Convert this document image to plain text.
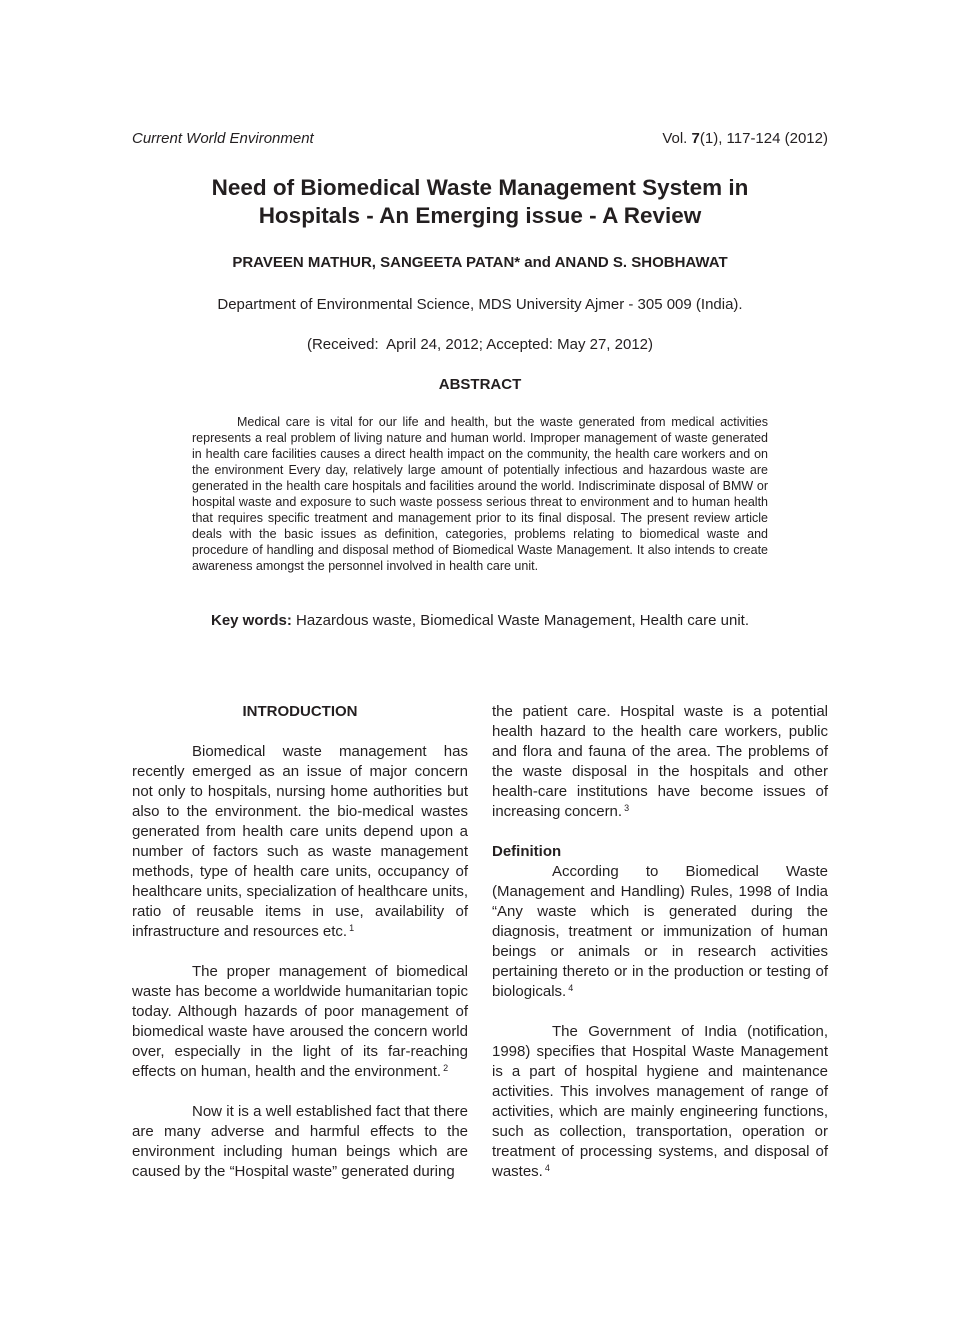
Current World Environment	Vol. 7(1), 117-124 (2012)
Need of Biomedical Waste Management System in
Hospitals - An Emerging issue - A Review
PRAVEEN MATHUR, SANGEETA PATAN* and ANAND S. SHOBHAWAT
Department of Environmental Science, MDS University Ajmer - 305 009 (India).
(Received:  April 24, 2012; Accepted: May 27, 2012)
ABSTRACT
Medical care is vital for our life and health, but the waste generated from medical activities represents a real problem of living nature and human world. Improper management of waste generated in health care facilities causes a direct health impact on the community, the health care workers and on the environment Every day, relatively large amount of potentially infectious and hazardous waste are generated in the health care hospitals and facilities around the world. Indiscriminate disposal of BMW or hospital waste and exposure to such waste possess serious threat to environment and to human health that requires specific treatment and management prior to its final disposal. The present review article deals with the basic issues as definition, categories, problems relating to biomedical waste and procedure of handling and disposal method of Biomedical Waste Management. It also intends to create awareness amongst the personnel involved in health care unit.
Key words: Hazardous waste, Biomedical Waste Management, Health care unit.
INTRODUCTION

Biomedical waste management has recently emerged as an issue of major concern not only to hospitals, nursing home authorities but also to the environment. the bio-medical wastes generated from health care units depend upon a number of factors such as waste management methods, type of health care units, occupancy of healthcare units, specialization of healthcare units, ratio of reusable items in use, availability of infrastructure and resources etc. $^1$

The proper management of biomedical waste has become a worldwide humanitarian topic today. Although hazards of poor management of biomedical waste have aroused the concern world over, especially in the light of its far-reaching effects on human, health and the environment. $^2$

Now it is a well established fact that there are many adverse and harmful effects to the environment including human beings which are caused by the “Hospital waste” generated during

the patient care. Hospital waste is a potential health hazard to the health care workers, public and flora and fauna of the area. The problems of the waste disposal in the hospitals and other health-care institutions have become issues of increasing concern. $^3$

Definition

According to Biomedical Waste (Management and Handling) Rules, 1998 of India “Any waste which is generated during the diagnosis, treatment or immunization of human beings or animals or in research activities pertaining thereto or in the production or testing of biologicals. $^4$

The Government of India (notification, 1998) specifies that Hospital Waste Management is a part of hospital hygiene and maintenance activities. This involves management of range of activities, which are mainly engineering functions, such as collection, transportation, operation or treatment of processing systems, and disposal of wastes. $^4$
